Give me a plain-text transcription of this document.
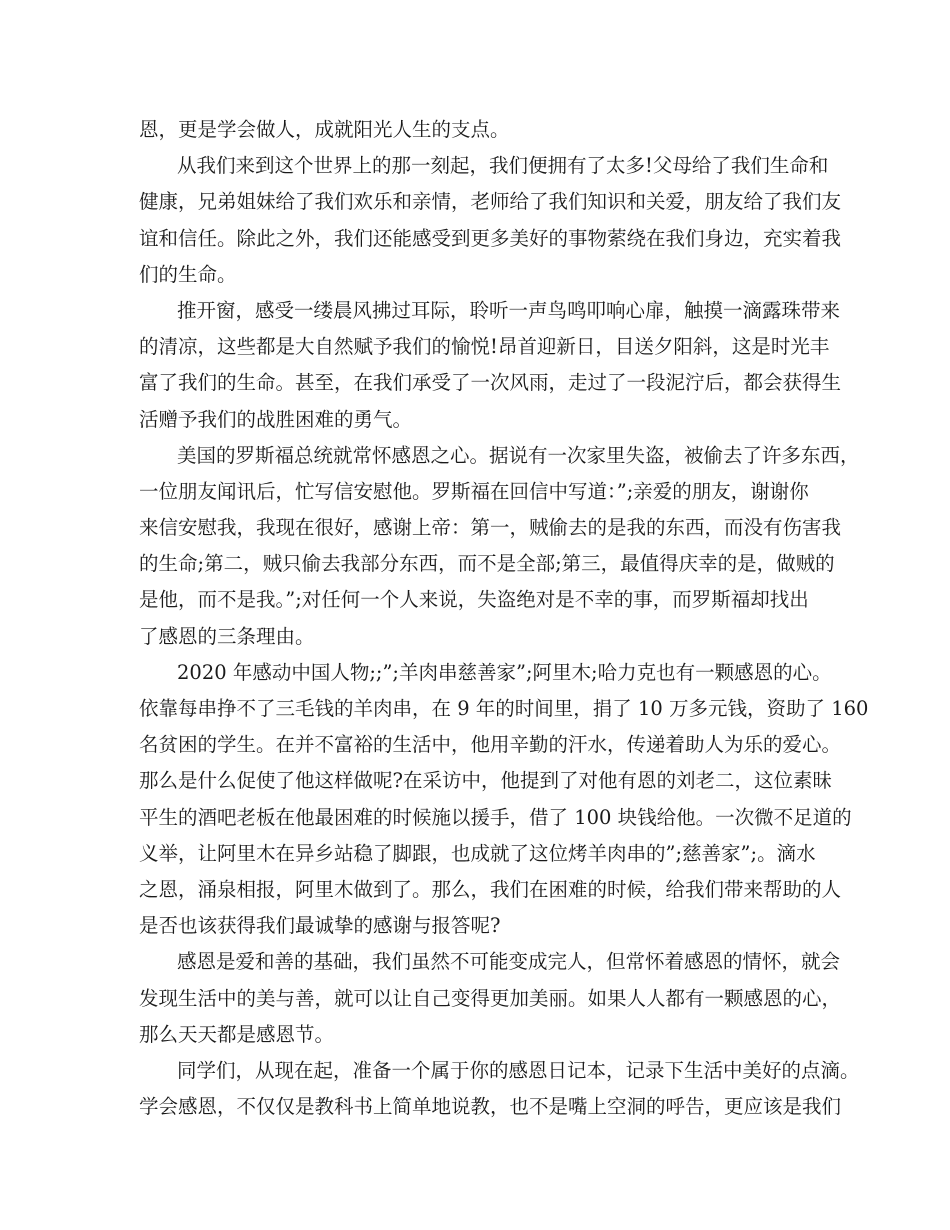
恩，更是学会做人，成就阳光人生的支点。
从我们来到这个世界上的那一刻起，我们便拥有了太多!父母给了我们生命和
健康，兄弟姐妹给了我们欢乐和亲情，老师给了我们知识和关爱，朋友给了我们友
谊和信任。除此之外，我们还能感受到更多美好的事物萦绕在我们身边，充实着我
们的生命。
推开窗，感受一缕晨风拂过耳际，聆听一声鸟鸣叩响心扉，触摸一滴露珠带来
的清凉，这些都是大自然赋予我们的愉悦!昂首迎新日，目送夕阳斜，这是时光丰
富了我们的生命。甚至，在我们承受了一次风雨，走过了一段泥泞后，都会获得生
活赠予我们的战胜困难的勇气。
美国的罗斯福总统就常怀感恩之心。据说有一次家里失盗，被偷去了许多东西，
一位朋友闻讯后，忙写信安慰他。罗斯福在回信中写道：”;亲爱的朋友，谢谢你
来信安慰我，我现在很好，感谢上帝：第一，贼偷去的是我的东西，而没有伤害我
的生命;第二，贼只偷去我部分东西，而不是全部;第三，最值得庆幸的是，做贼的
是他，而不是我。”;对任何一个人来说，失盗绝对是不幸的事，而罗斯福却找出
了感恩的三条理由。
2020 年感动中国人物;;”;羊肉串慈善家”;阿里木;哈力克也有一颗感恩的心。
依靠每串挣不了三毛钱的羊肉串，在 9 年的时间里，捐了 10 万多元钱，资助了 160
名贫困的学生。在并不富裕的生活中，他用辛勤的汗水，传递着助人为乐的爱心。
那么是什么促使了他这样做呢?在采访中，他提到了对他有恩的刘老二，这位素昧
平生的酒吧老板在他最困难的时候施以援手，借了 100 块钱给他。一次微不足道的
义举，让阿里木在异乡站稳了脚跟，也成就了这位烤羊肉串的”;慈善家”;。滴水
之恩，涌泉相报，阿里木做到了。那么，我们在困难的时候，给我们带来帮助的人
是否也该获得我们最诚挚的感谢与报答呢?
感恩是爱和善的基础，我们虽然不可能变成完人，但常怀着感恩的情怀，就会
发现生活中的美与善，就可以让自己变得更加美丽。如果人人都有一颗感恩的心，
那么天天都是感恩节。
同学们，从现在起，准备一个属于你的感恩日记本，记录下生活中美好的点滴。
学会感恩，不仅仅是教科书上简单地说教，也不是嘴上空洞的呼告，更应该是我们
